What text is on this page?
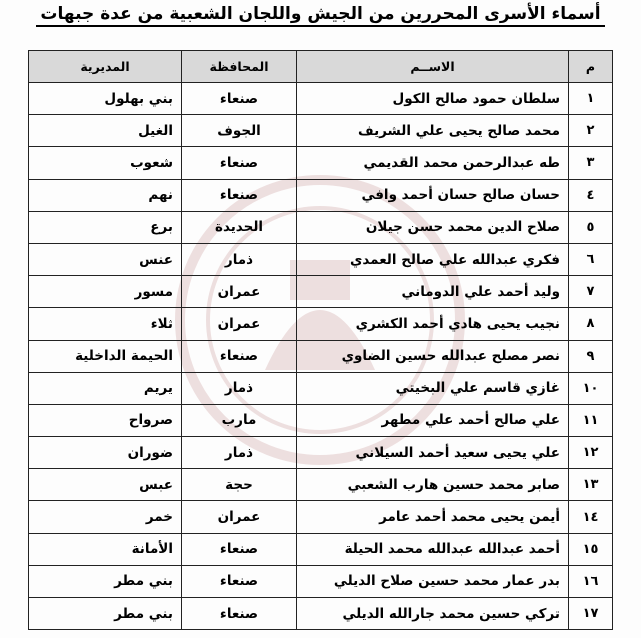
أسماء الأسرى المحررين من الجيش واللجان الشعبية من عدة جبهات
م	الاســم	المحافظة	المديرية
١	سلطان حمود صالح الكول	صنعاء	بني بهلول
٢	محمد صالح يحيى علي الشريف	الجوف	الغيل
٣	طه عبدالرحمن محمد القديمي	صنعاء	شعوب
٤	حسان صالح حسان أحمد وافي	صنعاء	نهم
٥	صلاح الدين محمد حسن جيلان	الحديدة	برع
٦	فكري عبدالله علي صالح العمدي	ذمار	عنس
٧	وليد أحمد علي الدوماني	عمران	مسور
٨	نجيب يحيى هادي أحمد الكشري	عمران	ثلاء
٩	نصر مصلح عبدالله حسين الضاوي	صنعاء	الحيمة الداخلية
١٠	غازي قاسم علي البخيتي	ذمار	يريم
١١	علي صالح أحمد علي مطهر	مارب	صرواح
١٢	علي يحيى سعيد أحمد السيلاني	ذمار	ضوران
١٣	صابر محمد حسين هارب الشعبي	حجة	عبس
١٤	أيمن يحيى محمد أحمد عامر	عمران	خمر
١٥	أحمد عبدالله عبدالله محمد الحيلة	صنعاء	الأمانة
١٦	بدر عمار محمد حسين صلاح الديلي	صنعاء	بني مطر
١٧	تركي حسين محمد جارالله الديلي	صنعاء	بني مطر
